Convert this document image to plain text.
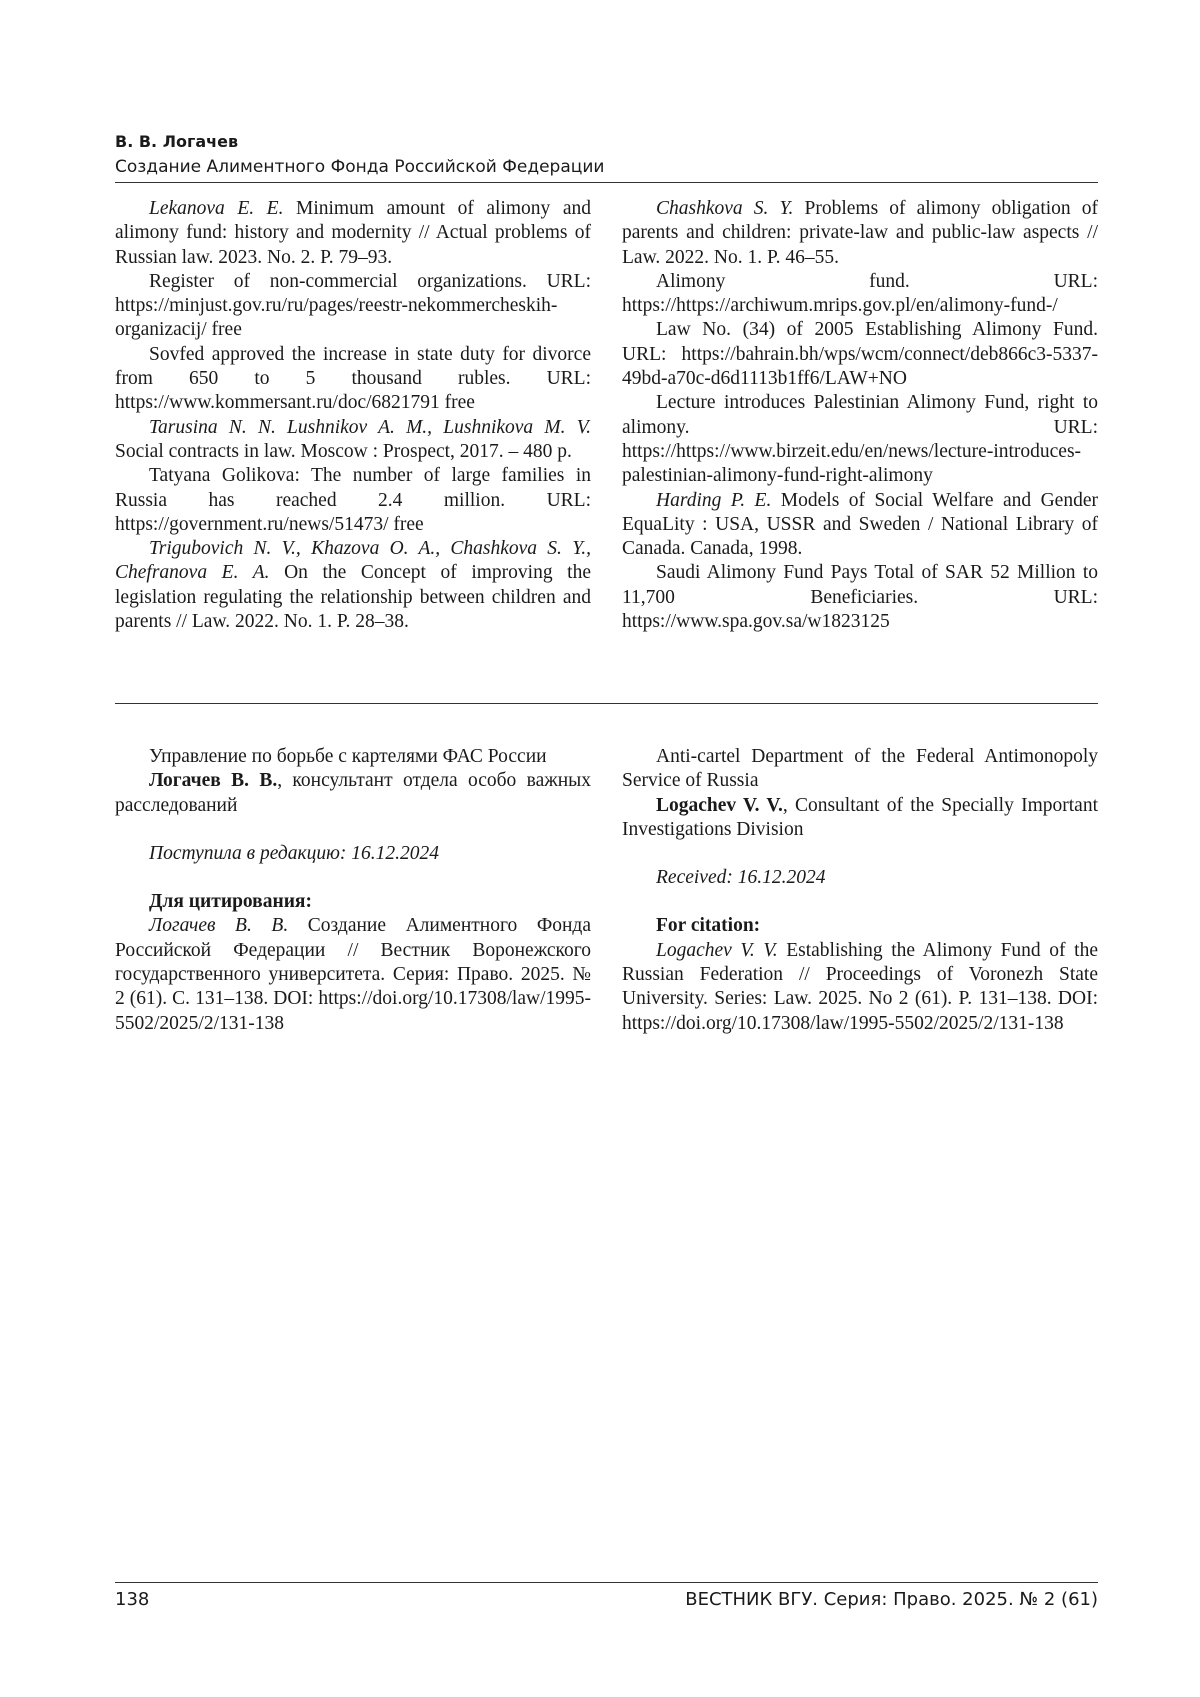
В. В. Логачев
Создание Алиментного Фонда Российской Федерации

Lekanova E. E. Minimum amount of alimony and alimony fund: history and modernity // Actual problems of Russian law. 2023. No. 2. P. 79–93.

Register of non-commercial organizations. URL: https://minjust.gov.ru/ru/pages/reestr-nekommercheskih-organizacij/ free

Sovfed approved the increase in state duty for divorce from 650 to 5 thousand rubles. URL: https://www.kommersant.ru/doc/6821791 free

Tarusina N. N. Lushnikov A. M., Lushnikova M. V. Social contracts in law. Moscow : Prospect, 2017. – 480 p.

Tatyana Golikova: The number of large families in Russia has reached 2.4 million. URL: https://government.ru/news/51473/ free

Trigubovich N. V., Khazova O. A., Chashkova S. Y., Chefranova E. A. On the Concept of improving the legislation regulating the relationship between children and parents // Law. 2022. No. 1. P. 28–38.

Chashkova S. Y. Problems of alimony obligation of parents and children: private-law and public-law aspects // Law. 2022. No. 1. P. 46–55.

Alimony fund. URL: https://https://archiwum.mrips.gov.pl/en/alimony-fund-/

Law No. (34) of 2005 Establishing Alimony Fund. URL: https://bahrain.bh/wps/wcm/connect/deb866c3-5337-49bd-a70c-d6d1113b1ff6/LAW+NO

Lecture introduces Palestinian Alimony Fund, right to alimony. URL: https://https://www.birzeit.edu/en/news/lecture-introduces-palestinian-alimony-fund-right-alimony

Harding P. E. Models of Social Welfare and Gender EquaLity : USA, USSR and Sweden / National Library of Canada. Canada, 1998.

Saudi Alimony Fund Pays Total of SAR 52 Million to 11,700 Beneficiaries. URL: https://www.spa.gov.sa/w1823125

Управление по борьбе с картелями ФАС России

Логачев В. В., консультант отдела особо важных расследований

Поступила в редакцию: 16.12.2024

Для цитирования:

Логачев В. В. Создание Алиментного Фонда Российской Федерации // Вестник Воронежского государственного университета. Серия: Право. 2025. № 2 (61). С. 131–138. DOI: https://doi.org/10.17308/law/1995-5502/2025/2/131-138

Anti-cartel Department of the Federal Antimonopoly Service of Russia

Logachev V. V., Consultant of the Specially Important Investigations Division

Received: 16.12.2024

For citation:

Logachev V. V. Establishing the Alimony Fund of the Russian Federation // Proceedings of Voronezh State University. Series: Law. 2025. No 2 (61). P. 131–138. DOI: https://doi.org/10.17308/law/1995-5502/2025/2/131-138

138	ВЕСТНИК ВГУ. Серия: Право. 2025. № 2 (61)
